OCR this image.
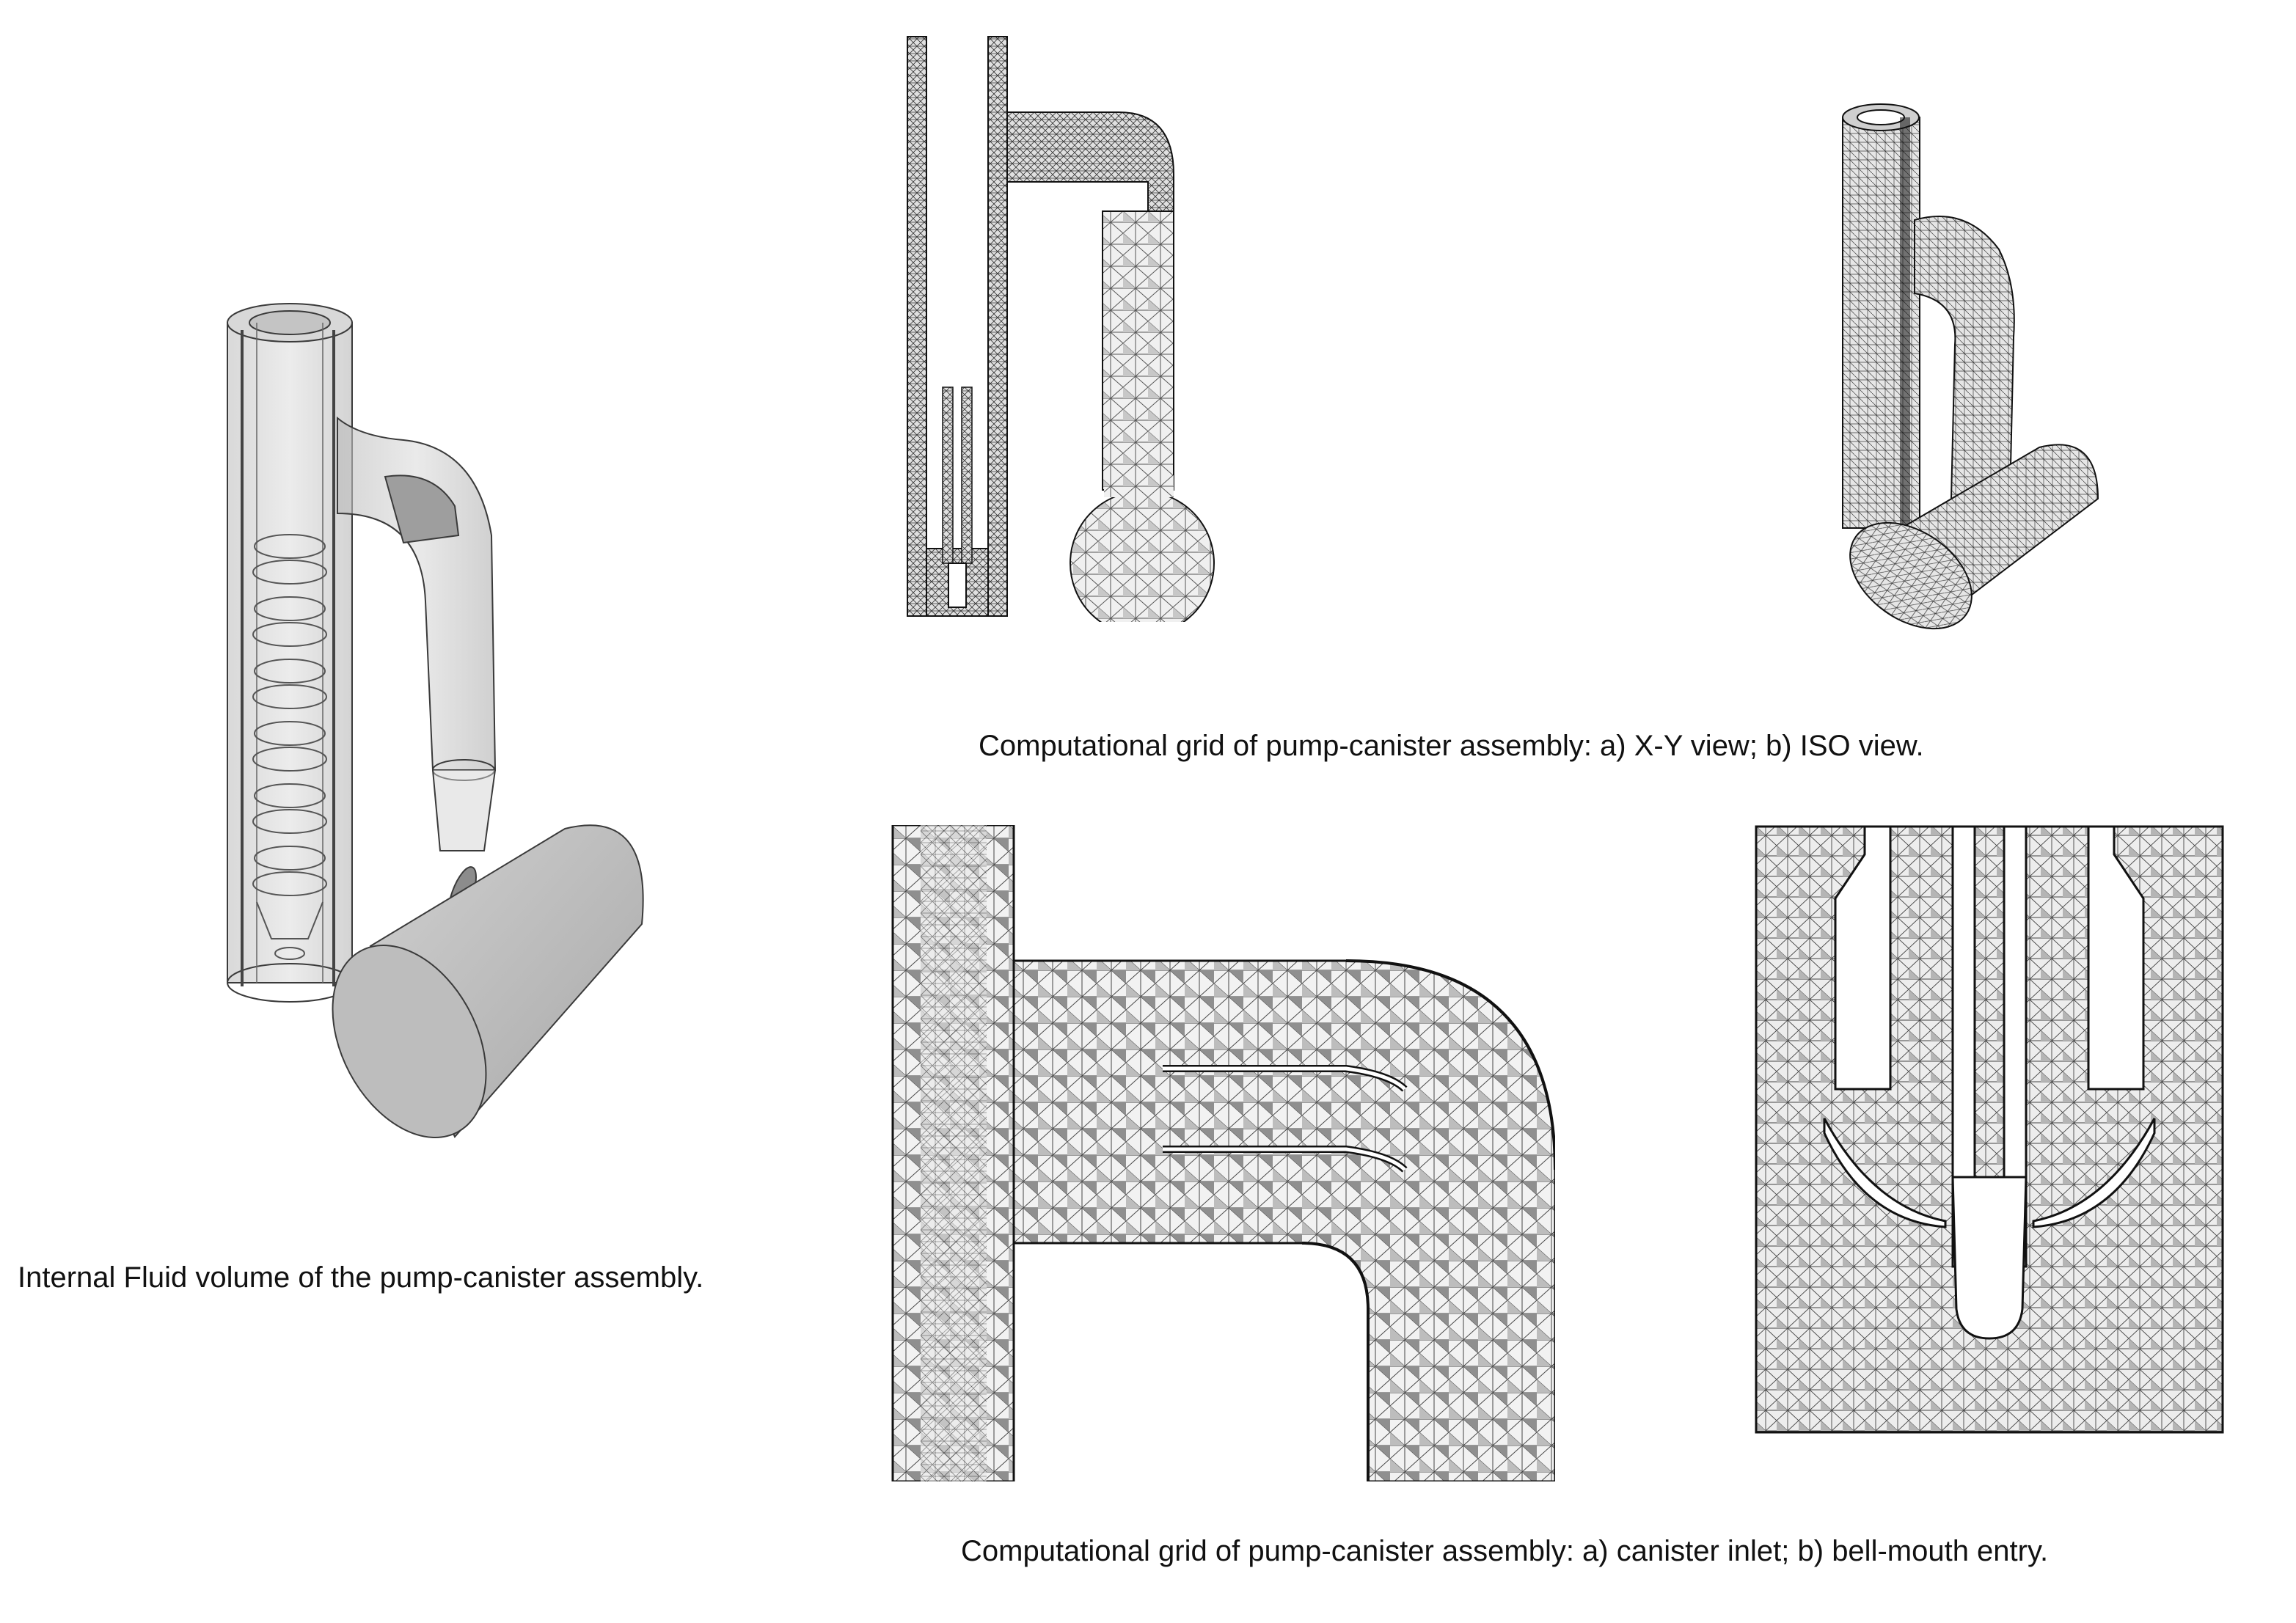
Internal Fluid volume of the pump-canister assembly.
Computational grid of pump-canister assembly: a) X-Y view; b) ISO view.
Computational grid of pump-canister assembly: a) canister inlet; b) bell-mouth entry.
